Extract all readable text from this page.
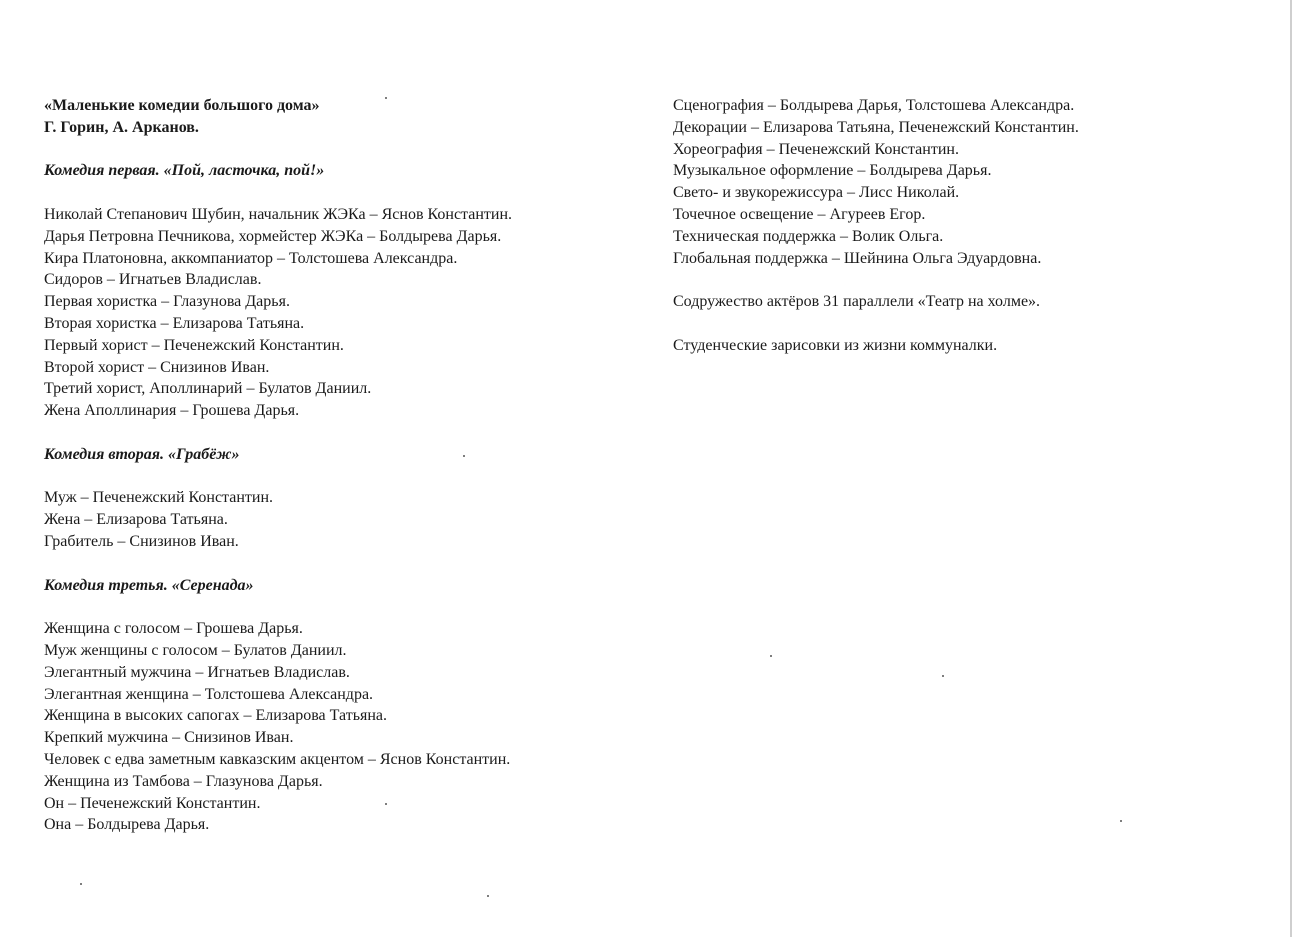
«Маленькие комедии большого дома»
Г. Горин, А. Арканов.
Комедия первая. «Пой, ласточка, пой!»
Николай Степанович Шубин, начальник ЖЭКа – Яснов Константин.
Дарья Петровна Печникова, хормейстер ЖЭКа – Болдырева Дарья.
Кира Платоновна, аккомпаниатор – Толстошева Александра.
Сидоров – Игнатьев Владислав.
Первая хористка – Глазунова Дарья.
Вторая хористка – Елизарова Татьяна.
Первый хорист – Печенежский Константин.
Второй хорист – Снизинов Иван.
Третий хорист, Аполлинарий – Булатов Даниил.
Жена Аполлинария – Грошева Дарья.
Комедия вторая. «Грабёж»
Муж – Печенежский Константин.
Жена – Елизарова Татьяна.
Грабитель – Снизинов Иван.
Комедия третья. «Серенада»
Женщина с голосом – Грошева Дарья.
Муж женщины с голосом – Булатов Даниил.
Элегантный мужчина – Игнатьев Владислав.
Элегантная женщина – Толстошева Александра.
Женщина в высоких сапогах – Елизарова Татьяна.
Крепкий мужчина – Снизинов Иван.
Человек с едва заметным кавказским акцентом – Яснов Константин.
Женщина из Тамбова – Глазунова Дарья.
Он – Печенежский Константин.
Она – Болдырева Дарья.
Сценография – Болдырева Дарья, Толстошева Александра.
Декорации – Елизарова Татьяна, Печенежский Константин.
Хореография – Печенежский Константин.
Музыкальное оформление – Болдырева Дарья.
Свето- и звукорежиссура – Лисс Николай.
Точечное освещение – Агуреев Егор.
Техническая поддержка – Волик Ольга.
Глобальная поддержка – Шейнина Ольга Эдуардовна.
Содружество актёров 31 параллели «Театр на холме».
Студенческие зарисовки из жизни коммуналки.
